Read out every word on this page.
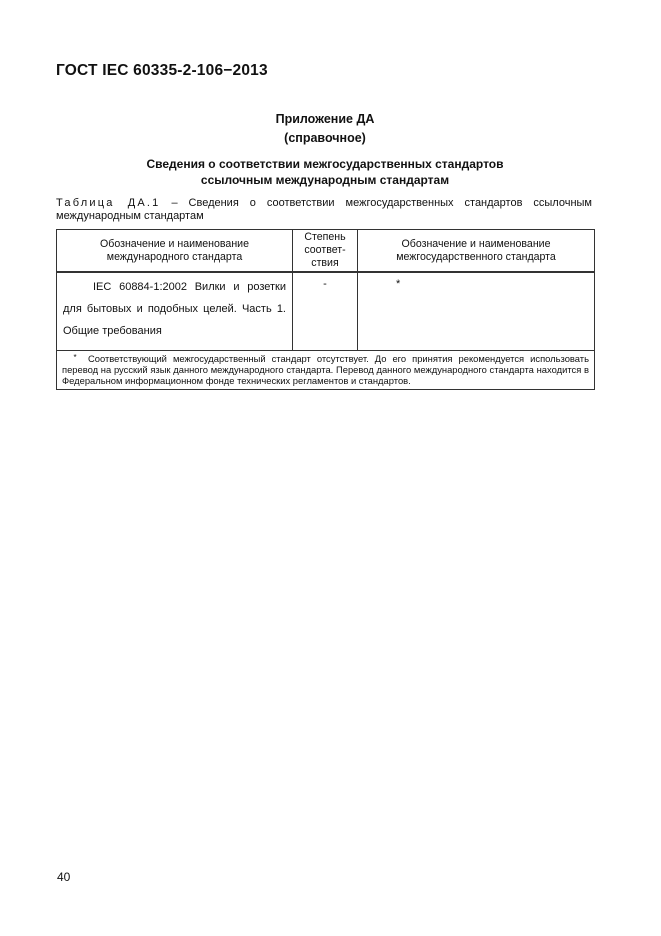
ГОСТ IEC 60335-2-106−2013
Приложение ДА
(справочное)
Сведения о соответствии межгосударственных стандартов
ссылочным международным стандартам
Таблица ДА.1 – Сведения о соответствии межгосударственных стандартов ссылочным международным стандартам
Обозначение и наименование международного стандарта	Степень соответ-ствия	Обозначение и наименование межгосударственного стандарта
IEC 60884-1:2002 Вилки и розетки для бытовых и подобных целей. Часть 1. Общие требования	-	*
* Соответствующий межгосударственный стандарт отсутствует. До его принятия рекомендуется использовать перевод на русский язык данного международного стандарта. Перевод данного международного стандарта находится в Федеральном информационном фонде технических регламентов и стандартов.		
40
